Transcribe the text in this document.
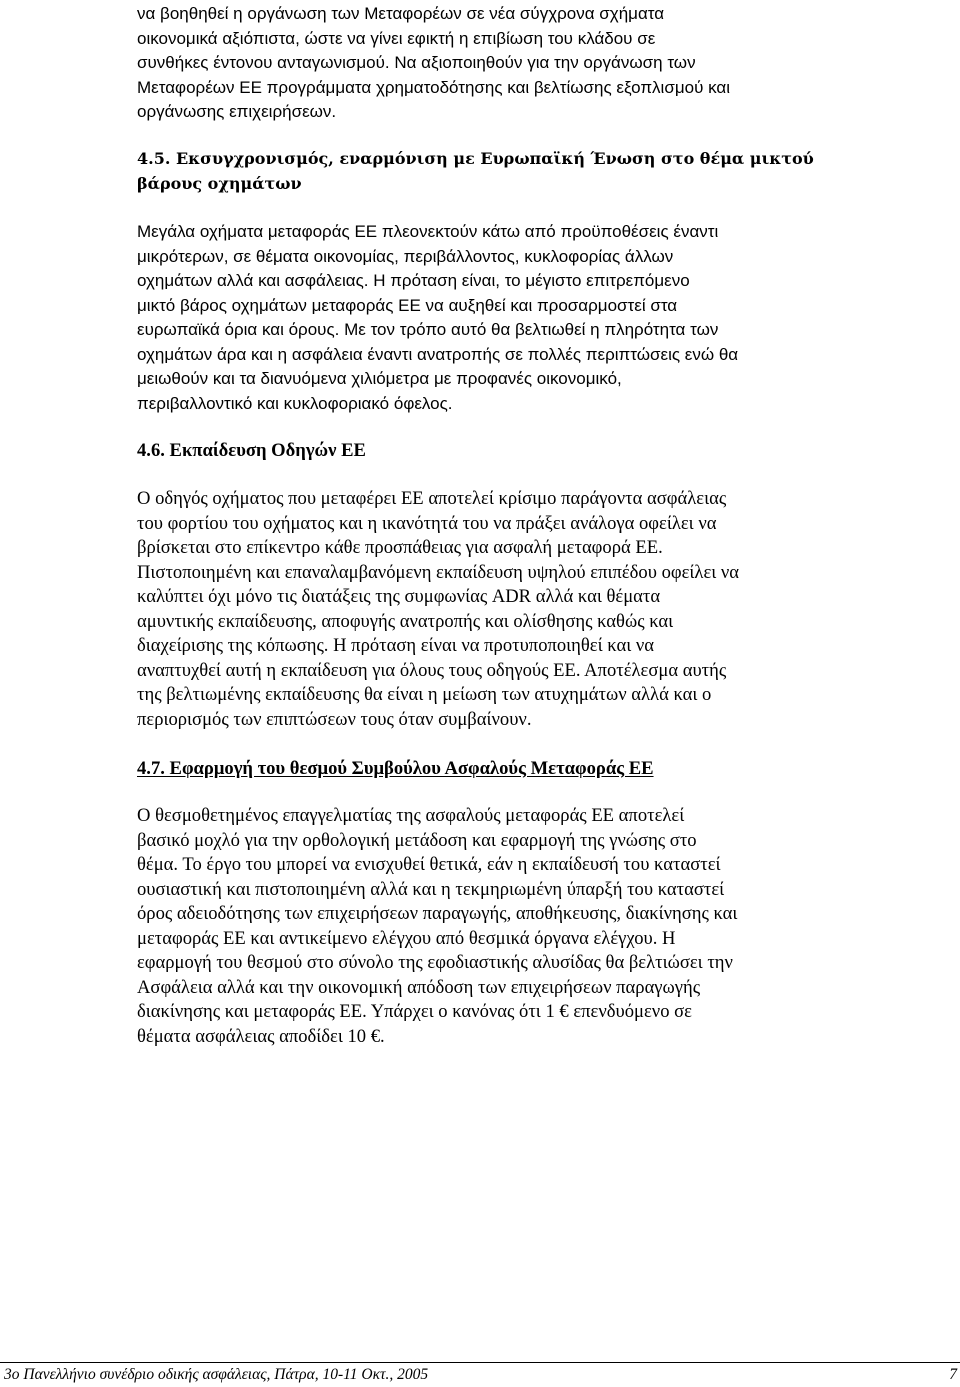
να βοηθηθεί η οργάνωση των Μεταφορέων σε νέα σύγχρονα σχήματα
οικονομικά αξιόπιστα, ώστε να γίνει εφικτή η επιβίωση του κλάδου σε
συνθήκες έντονου ανταγωνισμού. Να αξιοποιηθούν για την οργάνωση των
Μεταφορέων ΕΕ προγράμματα χρηματοδότησης και βελτίωσης εξοπλισμού και
οργάνωσης επιχειρήσεων.
4.5. Εκσυγχρονισμός, εναρμόνιση με Ευρωπαϊκή Ένωση στο θέμα μικτού
βάρους οχημάτων
Μεγάλα οχήματα μεταφοράς ΕΕ πλεονεκτούν κάτω από προϋποθέσεις έναντι
μικρότερων, σε θέματα οικονομίας, περιβάλλοντος, κυκλοφορίας άλλων
οχημάτων αλλά και ασφάλειας. Η πρόταση είναι, το μέγιστο επιτρεπόμενο
μικτό βάρος οχημάτων μεταφοράς ΕΕ να αυξηθεί και προσαρμοστεί στα
ευρωπαϊκά όρια και όρους. Με τον τρόπο αυτό θα βελτιωθεί η πληρότητα των
οχημάτων άρα και η ασφάλεια έναντι ανατροπής σε πολλές περιπτώσεις ενώ θα
μειωθούν και τα διανυόμενα χιλιόμετρα με προφανές οικονομικό,
περιβαλλοντικό και κυκλοφοριακό όφελος.
4.6. Εκπαίδευση Οδηγών ΕΕ
Ο οδηγός οχήματος που μεταφέρει ΕΕ αποτελεί κρίσιμο παράγοντα ασφάλειας
του φορτίου του οχήματος και η ικανότητά του να πράξει ανάλογα οφείλει να
βρίσκεται στο επίκεντρο κάθε προσπάθειας για ασφαλή μεταφορά ΕΕ.
Πιστοποιημένη και επαναλαμβανόμενη εκπαίδευση υψηλού επιπέδου οφείλει να
καλύπτει όχι μόνο τις διατάξεις της συμφωνίας ADR αλλά και θέματα
αμυντικής εκπαίδευσης, αποφυγής ανατροπής και ολίσθησης καθώς και
διαχείρισης της κόπωσης. Η πρόταση είναι να προτυποποιηθεί και να
αναπτυχθεί αυτή η εκπαίδευση για όλους τους οδηγούς ΕΕ. Αποτέλεσμα αυτής
της βελτιωμένης εκπαίδευσης θα είναι η μείωση των ατυχημάτων αλλά και ο
περιορισμός των επιπτώσεων τους όταν συμβαίνουν.
4.7. Εφαρμογή του θεσμού Συμβούλου Ασφαλούς Μεταφοράς ΕΕ
Ο θεσμοθετημένος επαγγελματίας της ασφαλούς μεταφοράς ΕΕ αποτελεί
βασικό μοχλό για την ορθολογική μετάδοση και εφαρμογή της γνώσης στο
θέμα. Το έργο του μπορεί να ενισχυθεί θετικά, εάν η εκπαίδευσή του καταστεί
ουσιαστική και πιστοποιημένη αλλά και η τεκμηριωμένη ύπαρξή του καταστεί
όρος αδειοδότησης των επιχειρήσεων παραγωγής, αποθήκευσης, διακίνησης και
μεταφοράς ΕΕ και αντικείμενο ελέγχου από θεσμικά όργανα ελέγχου. Η
εφαρμογή του θεσμού στο σύνολο της εφοδιαστικής αλυσίδας θα βελτιώσει την
Ασφάλεια αλλά και την οικονομική απόδοση των επιχειρήσεων παραγωγής
διακίνησης και μεταφοράς ΕΕ. Υπάρχει ο κανόνας ότι 1 € επενδυόμενο σε
θέματα ασφάλειας αποδίδει 10 €.
3ο Πανελλήνιο συνέδριο οδικής ασφάλειας, Πάτρα, 10-11 Οκτ., 2005	7
